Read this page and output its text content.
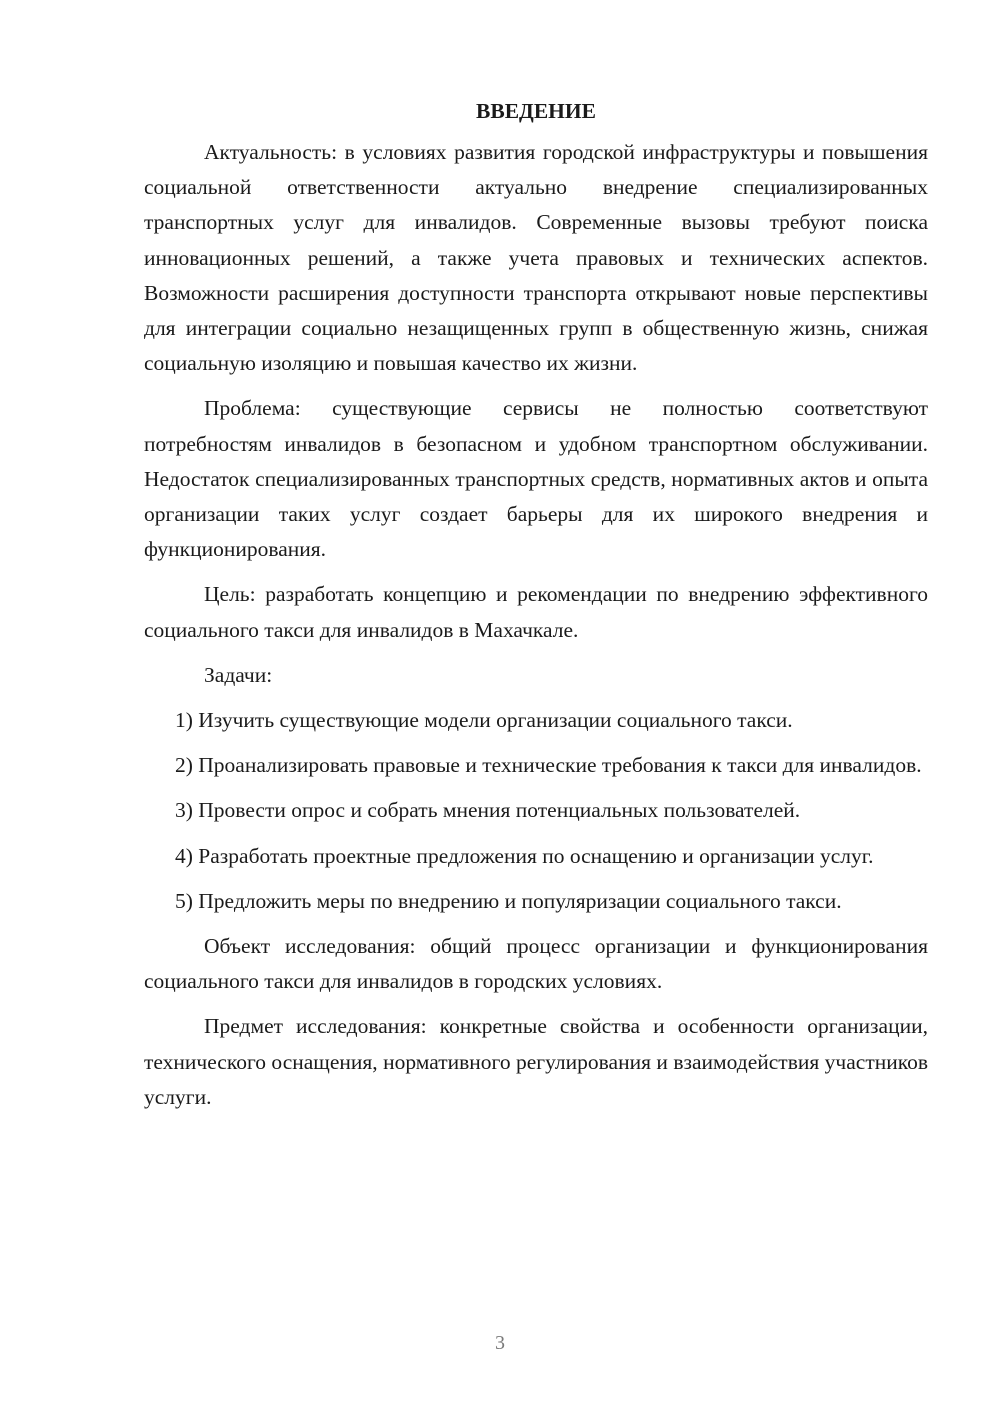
ВВЕДЕНИЕ

Актуальность: в условиях развития городской инфраструктуры и повышения социальной ответственности актуально внедрение специализированных транспортных услуг для инвалидов. Современные вызовы требуют поиска инновационных решений, а также учета правовых и технических аспектов. Возможности расширения доступности транспорта открывают новые перспективы для интеграции социально незащищенных групп в общественную жизнь, снижая социальную изоляцию и повышая качество их жизни.

Проблема: существующие сервисы не полностью соответствуют потребностям инвалидов в безопасном и удобном транспортном обслуживании. Недостаток специализированных транспортных средств, нормативных актов и опыта организации таких услуг создает барьеры для их широкого внедрения и функционирования.

Цель: разработать концепцию и рекомендации по внедрению эффективного социального такси для инвалидов в Махачкале.

Задачи:

1) Изучить существующие модели организации социального такси.

2) Проанализировать правовые и технические требования к такси для инвалидов.

3) Провести опрос и собрать мнения потенциальных пользователей.

4) Разработать проектные предложения по оснащению и организации услуг.

5) Предложить меры по внедрению и популяризации социального такси.

Объект исследования: общий процесс организации и функционирования социального такси для инвалидов в городских условиях.

Предмет исследования: конкретные свойства и особенности организации, технического оснащения, нормативного регулирования и взаимодействия участников услуги.

3
